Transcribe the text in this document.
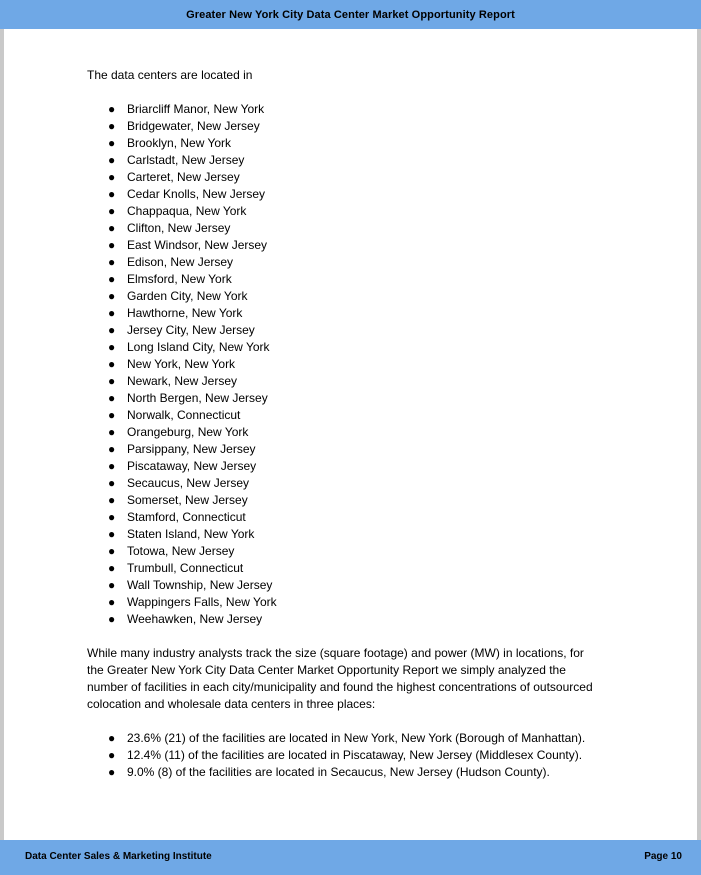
Greater New York City Data Center Market Opportunity Report

The data centers are located in

● Briarcliff Manor, New York
● Bridgewater, New Jersey
● Brooklyn, New York
● Carlstadt, New Jersey
● Carteret, New Jersey
● Cedar Knolls, New Jersey
● Chappaqua, New York
● Clifton, New Jersey
● East Windsor, New Jersey
● Edison, New Jersey
● Elmsford, New York
● Garden City, New York
● Hawthorne, New York
● Jersey City, New Jersey
● Long Island City, New York
● New York, New York
● Newark, New Jersey
● North Bergen, New Jersey
● Norwalk, Connecticut
● Orangeburg, New York
● Parsippany, New Jersey
● Piscataway, New Jersey
● Secaucus, New Jersey
● Somerset, New Jersey
● Stamford, Connecticut
● Staten Island, New York
● Totowa, New Jersey
● Trumbull, Connecticut
● Wall Township, New Jersey
● Wappingers Falls, New York
● Weehawken, New Jersey

While many industry analysts track the size (square footage) and power (MW) in locations, for
the Greater New York City Data Center Market Opportunity Report we simply analyzed the
number of facilities in each city/municipality and found the highest concentrations of outsourced
colocation and wholesale data centers in three places:

● 23.6% (21) of the facilities are located in New York, New York (Borough of Manhattan).
● 12.4% (11) of the facilities are located in Piscataway, New Jersey (Middlesex County).
● 9.0% (8) of the facilities are located in Secaucus, New Jersey (Hudson County).
Data Center Sales & Marketing Institute	Page 10
